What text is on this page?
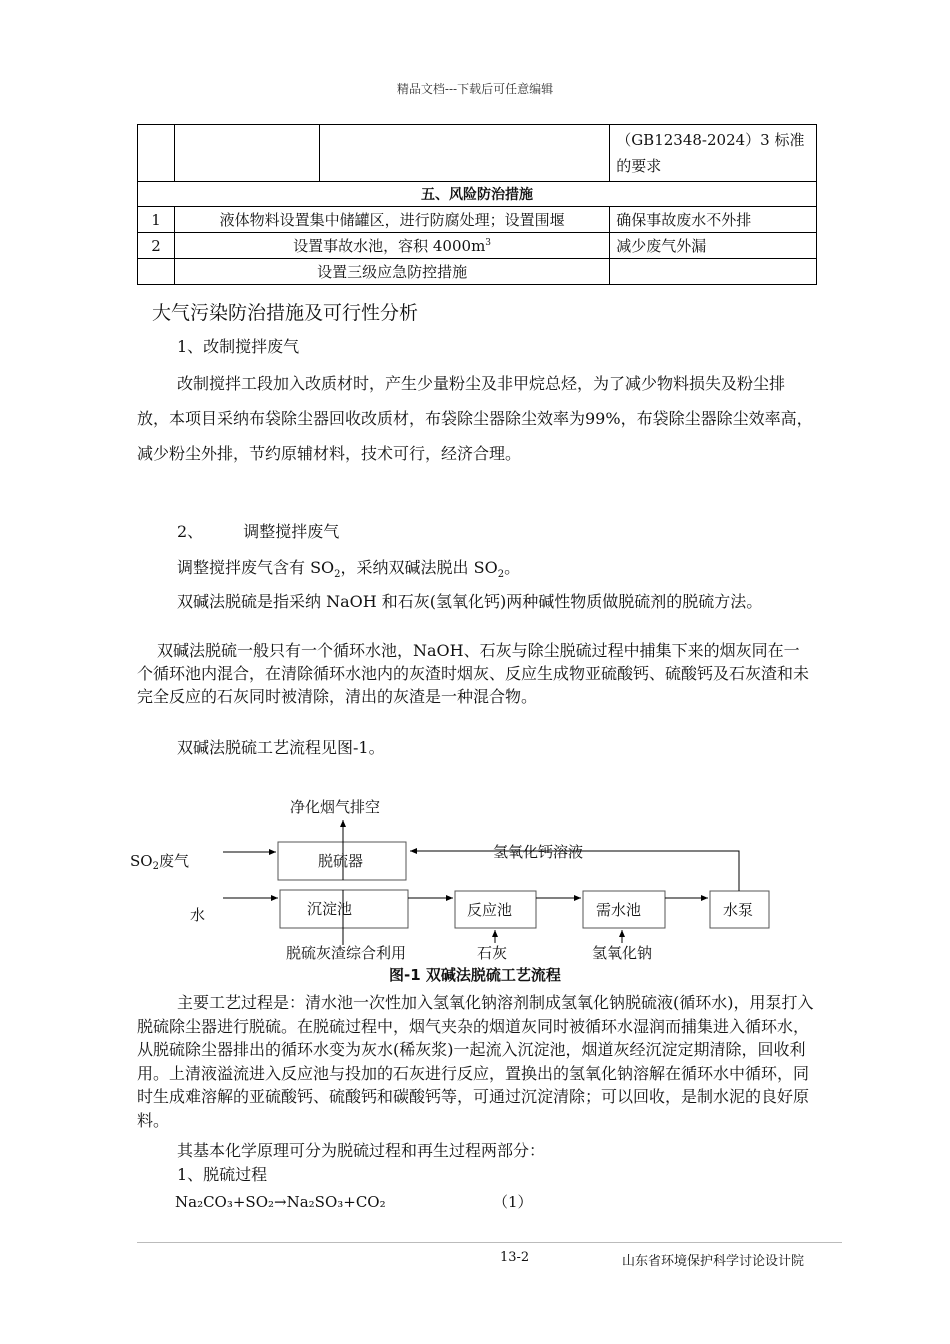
精品文档---下载后可任意编辑
			（GB12348-2024）3 标准的要求
五、风险防治措施			
1	液体物料设置集中储罐区，进行防腐处理；设置围堰		确保事故废水不外排
2	设置事故水池，容积 $4000m^3$		减少废气外漏
	设置三级应急防控措施		
大气污染防治措施及可行性分析
1、改制搅拌废气
改制搅拌工段加入改质材时，产生少量粉尘及非甲烷总烃，为了减少物料损失及粉尘排放，本项目采纳布袋除尘器回收改质材，布袋除尘器除尘效率为99%，布袋除尘器除尘效率高，减少粉尘外排，节约原辅材料，技术可行，经济合理。
2、	调整搅拌废气
调整搅拌废气含有 $SO_2$，采纳双碱法脱出 $SO_2$。
双碱法脱硫是指采纳 NaOH 和石灰(氢氧化钙)两种碱性物质做脱硫剂的脱硫方法。
双碱法脱硫一般只有一个循环水池，NaOH、石灰与除尘脱硫过程中捕集下来的烟灰同在一个循环池内混合，在清除循环水池内的灰渣时烟灰、反应生成物亚硫酸钙、硫酸钙及石灰渣和未完全反应的石灰同时被清除，清出的灰渣是一种混合物。
双碱法脱硫工艺流程见图-1。
净化烟气排空
$SO_2$废气
水
脱硫器
沉淀池	反应池	需水池	水泵
氢氧化钙溶液
脱硫灰渣综合利用	石灰	氢氧化钠
图-1 双碱法脱硫工艺流程
主要工艺过程是：清水池一次性加入氢氧化钠溶剂制成氢氧化钠脱硫液(循环水)，用泵打入脱硫除尘器进行脱硫。在脱硫过程中，烟气夹杂的烟道灰同时被循环水湿润而捕集进入循环水，从脱硫除尘器排出的循环水变为灰水(稀灰浆)一起流入沉淀池，烟道灰经沉淀定期清除，回收利用。上清液溢流进入反应池与投加的石灰进行反应，置换出的氢氧化钠溶解在循环水中循环，同时生成难溶解的亚硫酸钙、硫酸钙和碳酸钙等，可通过沉淀清除；可以回收，是制水泥的良好原料。
其基本化学原理可分为脱硫过程和再生过程两部分：
1、脱硫过程
Na₂CO₃+SO₂→Na₂SO₃+CO₂	（1）
13-2	山东省环境保护科学讨论设计院
